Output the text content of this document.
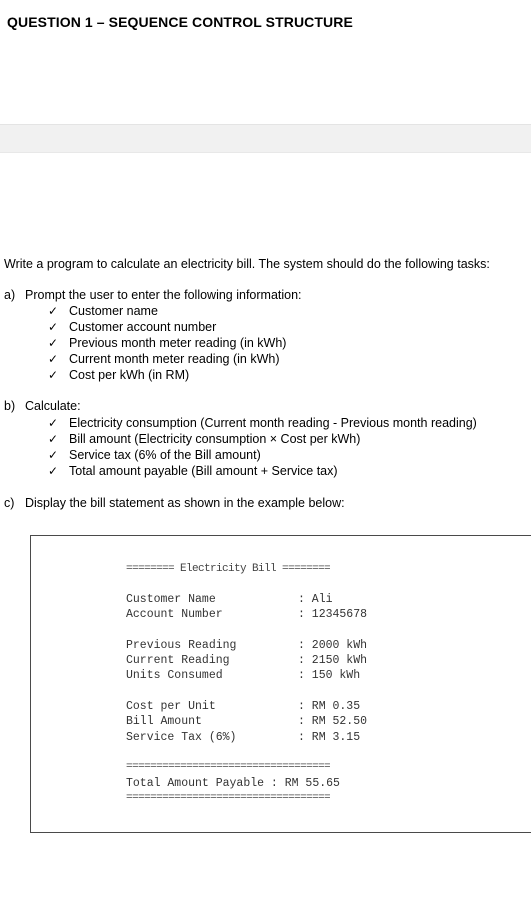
QUESTION 1 – SEQUENCE CONTROL STRUCTURE
Write a program to calculate an electricity bill. The system should do the following tasks:
a) Prompt the user to enter the following information:
✓ Customer name
✓ Customer account number
✓ Previous month meter reading (in kWh)
✓ Current month meter reading (in kWh)
✓ Cost per kWh (in RM)
b) Calculate:
✓ Electricity consumption (Current month reading - Previous month reading)
✓ Bill amount (Electricity consumption × Cost per kWh)
✓ Service tax (6% of the Bill amount)
✓ Total amount payable (Bill amount + Service tax)
c) Display the bill statement as shown in the example below:
======== Electricity Bill ========
Customer Name	: Ali
Account Number	: 12345678
Previous Reading	: 2000 kWh
Current Reading	: 2150 kWh
Units Consumed	: 150 kWh
Cost per Unit	: RM 0.35
Bill Amount	: RM 52.50
Service Tax (6%)	: RM 3.15
==================================
Total Amount Payable : RM 55.65
==================================
